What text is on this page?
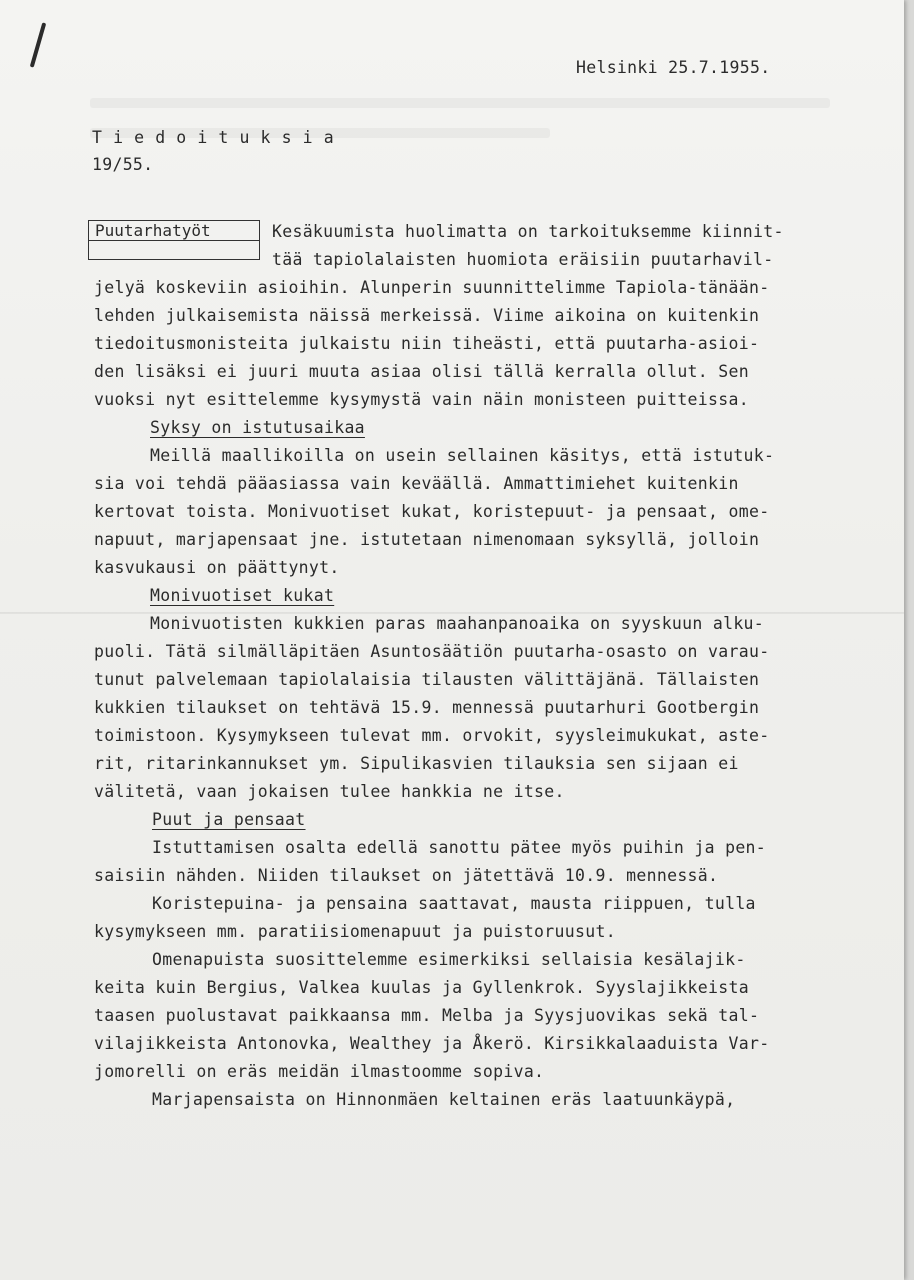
Helsinki 25.7.1955.
T i e d o i t u k s i a
19/55.
Puutarhatyöt	Kesäkuumista huolimatta on tarkoituksemme kiinnit-
tää tapiolalaisten huomiota eräisiin puutarhavil-
jelyä koskeviin asioihin. Alunperin suunnittelimme Tapiola-tänään-
lehden julkaisemista näissä merkeissä. Viime aikoina on kuitenkin
tiedoitusmonisteita julkaistu niin tiheästi, että puutarha-asioi-
den lisäksi ei juuri muuta asiaa olisi tällä kerralla ollut. Sen
vuoksi nyt esittelemme kysymystä vain näin monisteen puitteissa.
Syksy on istutusaikaa
Meillä maallikoilla on usein sellainen käsitys, että istutuk-
sia voi tehdä pääasiassa vain keväällä. Ammattimiehet kuitenkin
kertovat toista. Monivuotiset kukat, koristepuut- ja pensaat, ome-
napuut, marjapensaat jne. istutetaan nimenomaan syksyllä, jolloin
kasvukausi on päättynyt.
Monivuotiset kukat
Monivuotisten kukkien paras maahanpanoaika on syyskuun alku-
puoli. Tätä silmälläpitäen Asuntosäätiön puutarha-osasto on varau-
tunut palvelemaan tapiolalaisia tilausten välittäjänä. Tällaisten
kukkien tilaukset on tehtävä 15.9. mennessä puutarhuri Gootbergin
toimistoon. Kysymykseen tulevat mm. orvokit, syysleimukukat, aste-
rit, ritarinkannukset ym. Sipulikasvien tilauksia sen sijaan ei
välitetä, vaan jokaisen tulee hankkia ne itse.
Puut ja pensaat
Istuttamisen osalta edellä sanottu pätee myös puihin ja pen-
saisiin nähden. Niiden tilaukset on jätettävä 10.9. mennessä.
Koristepuina- ja pensaina saattavat, mausta riippuen, tulla
kysymykseen mm. paratiisiomenapuut ja puistoruusut.
Omenapuista suosittelemme esimerkiksi sellaisia kesälajik-
keita kuin Bergius, Valkea kuulas ja Gyllenkrok. Syyslajikkeista
taasen puolustavat paikkaansa mm. Melba ja Syysjuovikas sekä tal-
vilajikkeista Antonovka, Wealthey ja Åkerö. Kirsikkalaaduista Var-
jomorelli on eräs meidän ilmastoomme sopiva.
Marjapensaista on Hinnonmäen keltainen eräs laatuunkäypä,
